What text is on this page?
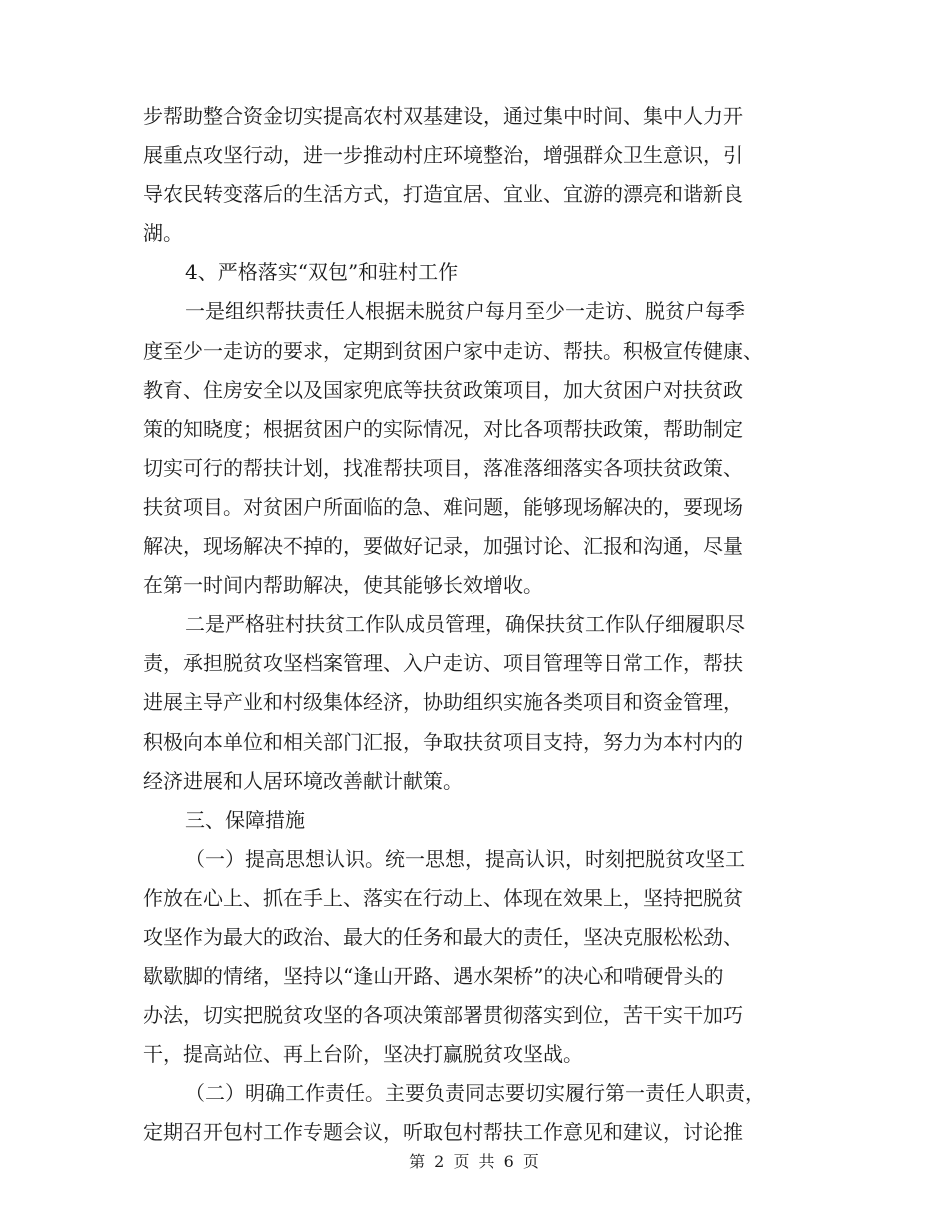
步帮助整合资金切实提高农村双基建设，通过集中时间、集中人力开
展重点攻坚行动，进一步推动村庄环境整治，增强群众卫生意识，引
导农民转变落后的生活方式，打造宜居、宜业、宜游的漂亮和谐新良
湖。
4、严格落实“双包”和驻村工作
一是组织帮扶责任人根据未脱贫户每月至少一走访、脱贫户每季
度至少一走访的要求，定期到贫困户家中走访、帮扶。积极宣传健康、
教育、住房安全以及国家兜底等扶贫政策项目，加大贫困户对扶贫政
策的知晓度；根据贫困户的实际情况，对比各项帮扶政策，帮助制定
切实可行的帮扶计划，找准帮扶项目，落准落细落实各项扶贫政策、
扶贫项目。对贫困户所面临的急、难问题，能够现场解决的，要现场
解决，现场解决不掉的，要做好记录，加强讨论、汇报和沟通，尽量
在第一时间内帮助解决，使其能够长效增收。
二是严格驻村扶贫工作队成员管理，确保扶贫工作队仔细履职尽
责，承担脱贫攻坚档案管理、入户走访、项目管理等日常工作，帮扶
进展主导产业和村级集体经济，协助组织实施各类项目和资金管理，
积极向本单位和相关部门汇报，争取扶贫项目支持，努力为本村内的
经济进展和人居环境改善献计献策。
三、保障措施
（一）提高思想认识。统一思想，提高认识，时刻把脱贫攻坚工
作放在心上、抓在手上、落实在行动上、体现在效果上，坚持把脱贫
攻坚作为最大的政治、最大的任务和最大的责任，坚决克服松松劲、
歇歇脚的情绪，坚持以“逢山开路、遇水架桥”的决心和啃硬骨头的
办法，切实把脱贫攻坚的各项决策部署贯彻落实到位，苦干实干加巧
干，提高站位、再上台阶，坚决打赢脱贫攻坚战。
（二）明确工作责任。主要负责同志要切实履行第一责任人职责，
定期召开包村工作专题会议，听取包村帮扶工作意见和建议，讨论推
第 2 页 共 6 页
